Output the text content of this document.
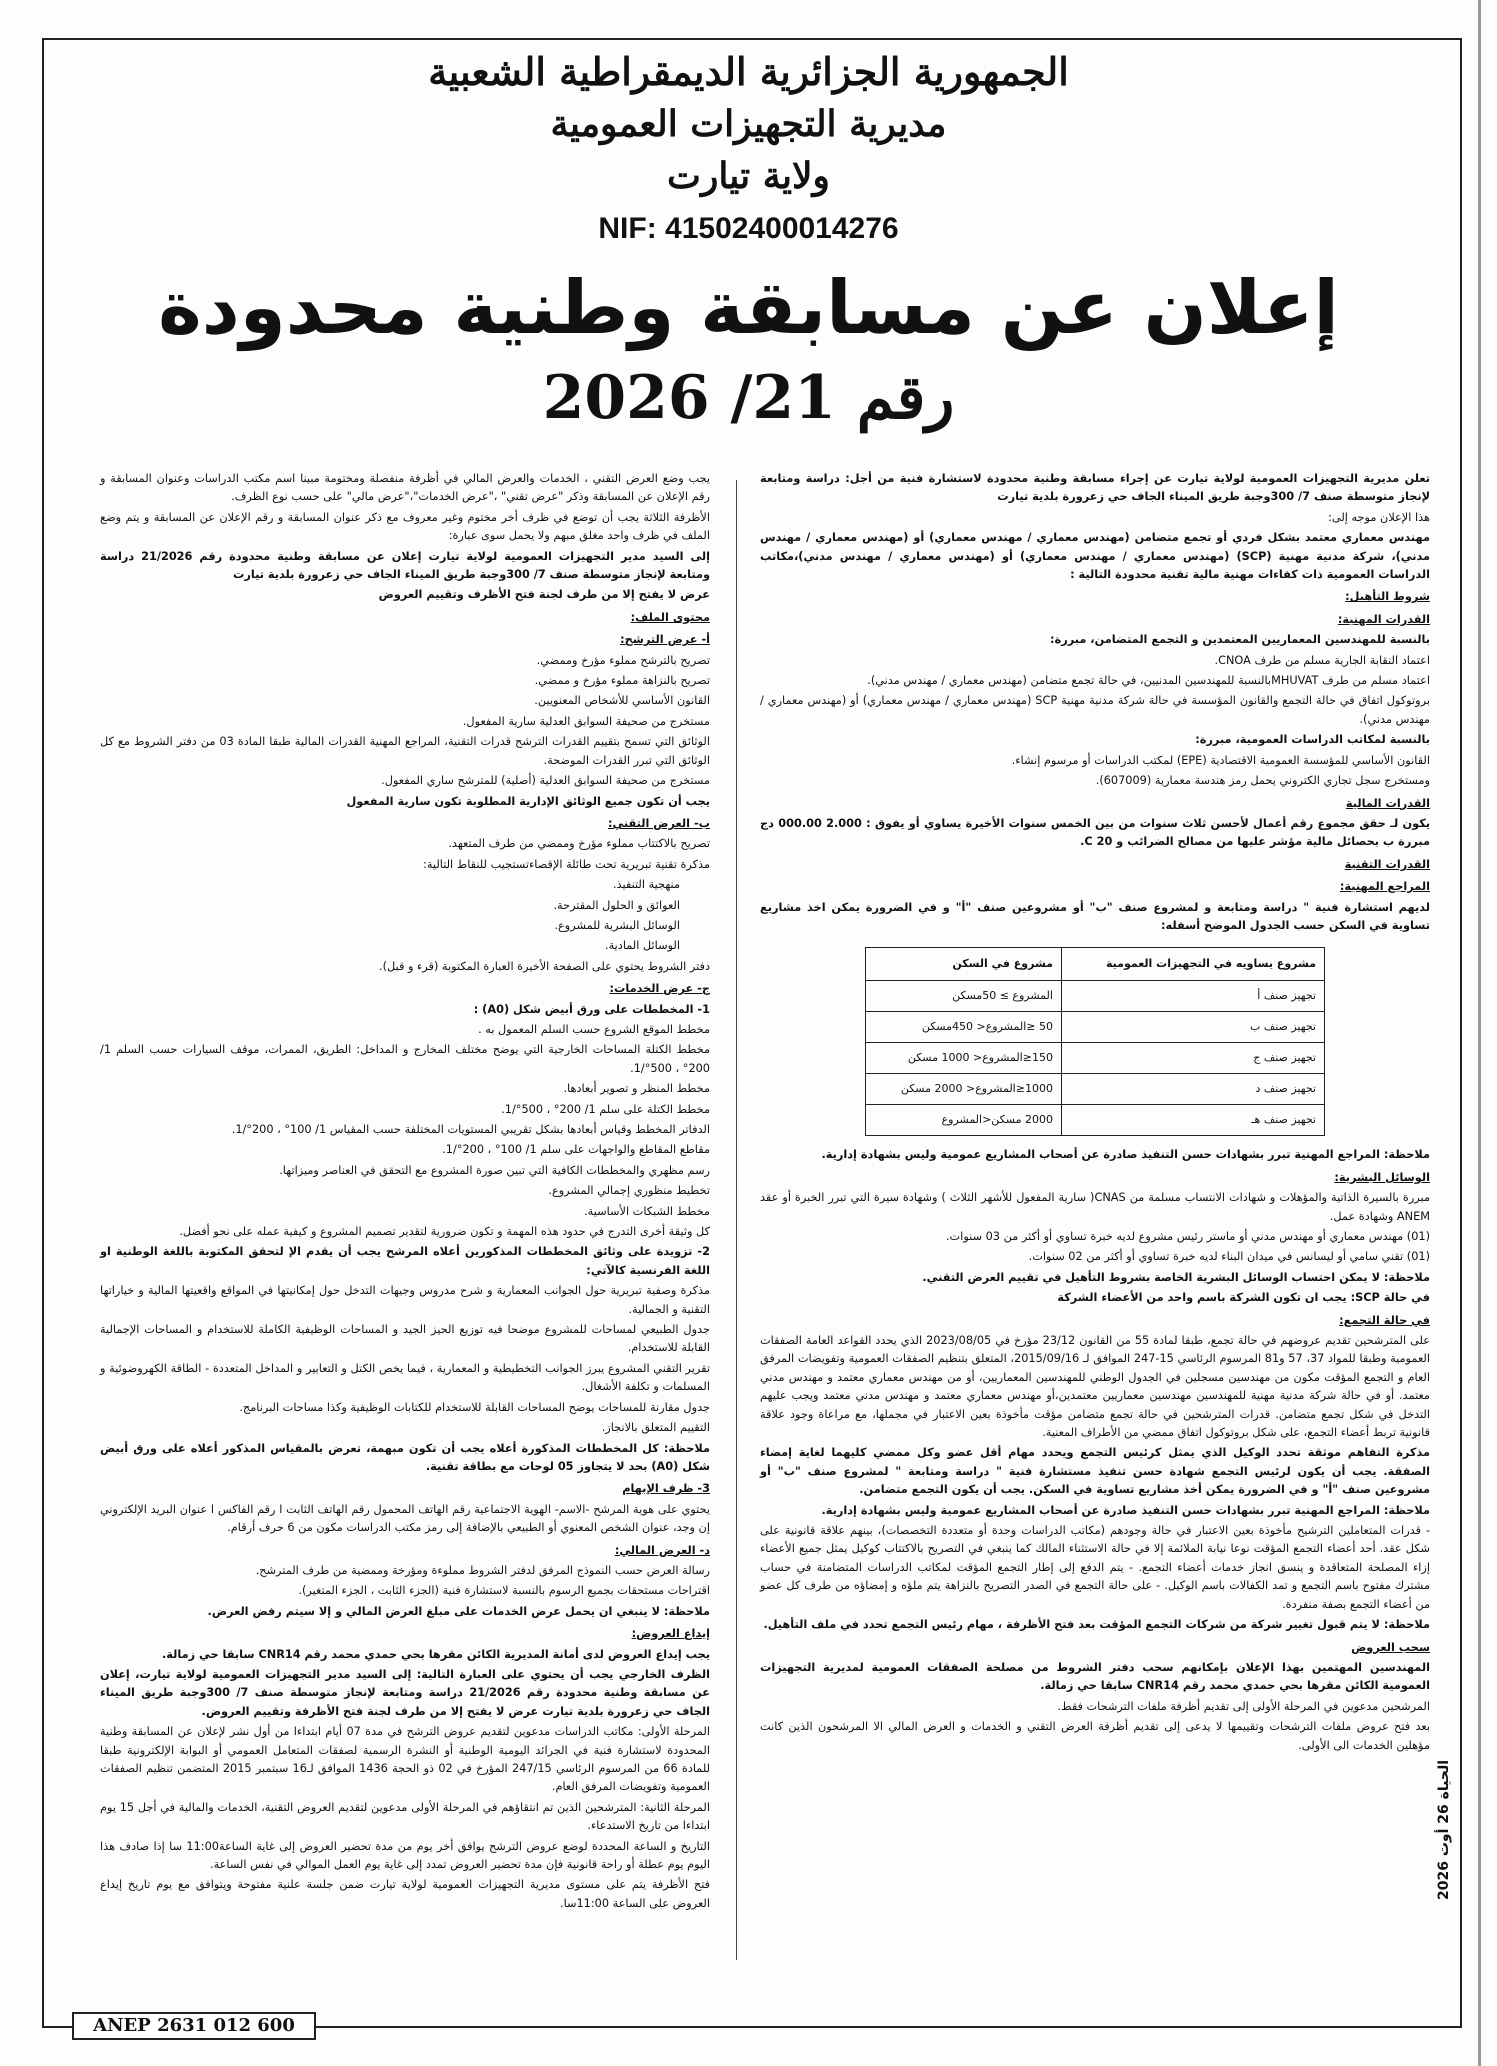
الجمهورية الجزائرية الديمقراطية الشعبية
مديرية التجهيزات العمومية
ولاية تيارت
NIF: 41502400014276
إعلان عن مسابقة وطنية محدودة
رقم 21/ 2026

تعلن مديرية التجهيزات العمومية لولاية تيارت عن إجراء مسابقة وطنية محدودة لاستشارة فنية من أجل: دراسة ومتابعة لإنجاز متوسطة صنف 7/ 300وجبة طريق الميناء الجاف حي زعرورة بلدية تيارت

هذا الإعلان موجه إلى:

مهندس معماري معتمد بشكل فردي أو تجمع متضامن (مهندس معماري / مهندس معماري) أو (مهندس معماري / مهندس مدني)، شركة مدنية مهنية (SCP) (مهندس معماري / مهندس معماري) أو (مهندس معماري / مهندس مدني)،مكاتب الدراسات العمومية ذات كفاءات مهنية مالية تقنية محدودة التالية :

شروط التأهيل:

القدرات المهنية:

بالنسبة للمهندسين المعماريين المعتمدين و التجمع المتضامن، مبررة:

اعتماد النقابة الجارية مسلم من طرف CNOA.

اعتماد مسلم من طرف MHUVATبالنسبة للمهندسين المدنيين، في حالة تجمع متضامن (مهندس معماري / مهندس مدني).

بروتوكول اتفاق في حالة التجمع والقانون المؤسسة في حالة شركة مدنية مهنية SCP (مهندس معماري / مهندس معماري) أو (مهندس معماري / مهندس مدني).

بالنسبة لمكاتب الدراسات العمومية، مبررة:

القانون الأساسي للمؤسسة العمومية الاقتصادية (EPE) لمكتب الدراسات أو مرسوم إنشاء.

ومستخرج سجل تجاري الكتروني يحمل رمز هندسة معمارية (607009).

القدرات المالية

يكون لـ حقق مجموع رقم أعمال لأحسن ثلاث سنوات من بين الخمس سنوات الأخيرة يساوي أو يفوق : 2.000 000.00 دج مبررة ب بحصائل مالية مؤشر عليها من مصالح الضرائب و C 20.

القدرات التقنية

المراجع المهنية:

لديهم استشارة فنية " دراسة ومتابعة و لمشروع صنف "ب" أو مشروعين صنف "أ" و في الضرورة يمكن اخذ مشاريع تساوية في السكن حسب الجدول الموضح أسفله:

مشروع يساويه في التجهيزات العمومية	مشروع في السكن
تجهيز صنف أ	المشروع ≥ 50مسكن
تجهيز صنف ب	50 ≤المشروع< 450مسكن
تجهيز صنف ج	150≤المشروع< 1000 مسكن
تجهيز صنف د	1000≤المشروع< 2000 مسكن
تجهيز صنف هـ	2000 مسكن<المشروع

ملاحظة: المراجع المهنية تبرر بشهادات حسن التنفيذ صادرة عن أصحاب المشاريع عمومية وليس بشهادة إدارية.

الوسائل البشرية:

مبررة بالسيرة الذاتية والمؤهلات و شهادات الانتساب مسلمة من CNAS( سارية المفعول للأشهر الثلاث ) وشهادة سيرة التي تبرر الخبرة أو عقد ANEM وشهادة عمل.

(01) مهندس معماري أو مهندس مدني أو ماستر رئيس مشروع لديه خبرة تساوي أو أكثر من 03 سنوات.

(01) تقني سامي أو ليسانس في ميدان البناء لديه خبرة تساوي أو أكثر من 02 سنوات.

ملاحظة: لا يمكن احتساب الوسائل البشرية الخاصة بشروط التأهيل في تقييم العرض التقني.

في حالة SCP: يجب ان تكون الشركة باسم واحد من الأعضاء الشركة

في حالة التجمع:

على المترشحين تقديم عروضهم في حالة تجمع، طبقا لمادة 55 من القانون 23/12 مؤرخ في 2023/08/05 الذي يحدد القواعد العامة الصفقات العمومية وطبقا للمواد 37، 57 و81 المرسوم الرئاسي 15-247 الموافق لـ 2015/09/16، المتعلق بتنظيم الصفقات العمومية وتفويضات المرفق العام و التجمع المؤقت مكون من مهندسين مسجلين في الجدول الوطني للمهندسين المعماريين، أو من مهندس معماري معتمد و مهندس مدني معتمد. أو في حالة شركة مدنية مهنية للمهندسين مهندسين معماريين معتمدين،أو مهندس معماري معتمد و مهندس مدني معتمد ويجب عليهم التدخل في شكل تجمع متضامن. قدرات المترشحين في حالة تجمع متضامن مؤقت مأخوذة بعين الاعتبار في مجملها، مع مراعاة وجود علاقة قانونية تربط أعضاء التجمع، على شكل بروتوكول اتفاق ممضي من الأطراف المعنية.

مذكرة التفاهم موثقة تحدد الوكيل الذي يمثل كرئيس التجمع ويحدد مهام أقل عضو وكل ممضي كليهما لغاية إمضاء الصفقة. يجب أن يكون لرئيس التجمع شهادة حسن تنفيذ مستشارة فنية " دراسة ومتابعة " لمشروع صنف "ب" أو مشروعين صنف "أ" و في الضرورة يمكن أخذ مشاريع تساوية في السكن. يجب أن يكون التجمع متضامن.

ملاحظة: المراجع المهنية تبرر بشهادات حسن التنفيذ صادرة عن أصحاب المشاريع عمومية وليس بشهادة إدارية.

- قدرات المتعاملين الترشيح مأخوذة بعين الاعتبار في حالة وجودهم (مكاتب الدراسات وحدة أو متعددة التخصصات)، بينهم علاقة قانونية على شكل عقد. أحد أعضاء التجمع المؤقت نوعا نيابة الملائمة إلا في حالة الاستثناء المالك كما ينبغي في التصريح بالاكتتاب كوكيل يمثل جميع الأعضاء إزاء المصلحة المتعاقدة و ينسق انجاز خدمات أعضاء التجمع. - يتم الدفع إلى إطار التجمع المؤقت لمكاتب الدراسات المتضامنة في حساب مشترك مفتوح باسم التجمع و تمد الكفالات باسم الوكيل. - على حالة التجمع في الصدر التصريح بالنزاهة يتم ملؤه و إمضاؤه من طرف كل عضو من أعضاء التجمع بصفة منفردة.

ملاحظة: لا يتم قبول تغيير شركة من شركات التجمع المؤقت بعد فتح الأظرفة ، مهام رئيس التجمع تحدد في ملف التأهيل.

سحب العروض

المهندسين المهتمين بهذا الإعلان بإمكانهم سحب دفتر الشروط من مصلحة الصفقات العمومية لمديرية التجهيزات العمومية الكائن مقرها بحي حمدي محمد رقم CNR14 سابقا حي زمالة.

المرشحين مدعوين في المرحلة الأولى إلى تقديم أظرفة ملفات الترشحات فقط.

بعد فتح عروض ملفات الترشحات وتقييمها لا يدعى إلى تقديم أظرفة العرض التقني و الخدمات و العرض المالي الا المرشحون الذين كانت مؤهلين الخدمات الى الأولى.

يجب وضع العرض التقني ، الخدمات والعرض المالي في أظرفة منفصلة ومختومة مبينا اسم مكتب الدراسات وعنوان المسابقة و رقم الإعلان عن المسابقة وذكر "عرض تقني" ،"عرض الخدمات"،"عرض مالي" على حسب نوع الظرف.

الأظرفة الثلاثة يجب أن توضع في ظرف أخر مختوم وغير معروف مع ذكر عنوان المسابقة و رقم الإعلان عن المسابقة و يتم وضع الملف في ظرف واحد مغلق مبهم ولا يحمل سوى عبارة:

إلى السيد مدير التجهيزات العمومية لولاية تيارت إعلان عن مسابقة وطنية محدودة رقم 21/2026 دراسة ومتابعة لإنجاز متوسطة صنف 7/ 300وجبة طريق الميناء الجاف حي زعرورة بلدية تيارت

عرض لا يفتح إلا من طرف لجنة فتح الأظرف وتقييم العروض

محتوى الملف:

أ- عرض الترشح:

تصريح بالترشح مملوء مؤرخ وممضي.

تصريح بالنزاهة مملوء مؤرخ و ممضي.

القانون الأساسي للأشخاص المعنويين.

مستخرج من صحيفة السوابق العدلية سارية المفعول.

الوثائق التي تسمح بتقييم القدرات الترشح قدرات التقنية، المراجع المهنية القدرات المالية طبقا المادة 03 من دفتر الشروط مع كل الوثائق التي تبرر القدرات الموضحة.

مستخرج من صحيفة السوابق العدلية (أصلية) للمترشح ساري المفعول.

يجب أن تكون جميع الوثائق الإدارية المطلوبة تكون سارية المفعول

ب- العرض التقني:

تصريح بالاكتتاب مملوء مؤرخ وممضي من طرف المتعهد.

مذكرة تقنية تبريرية تحت طائلة الإقصاءتستجيب للنقاط التالية:

منهجية التنفيذ.

العوائق و الحلول المقترحة.

الوسائل البشرية للمشروع.

الوسائل المادية.

دفتر الشروط يحتوي على الصفحة الأخيرة العبارة المكتوبة (قرء و قبل).

ج- عرض الخدمات:

1- المخططات على ورق أبيض شكل (A0) :

مخطط الموقع الشروع حسب السلم المعمول به .

مخطط الكتلة المساحات الخارجية التي يوضح مختلف المخارج و المداخل: الطريق، الممرات، موقف السيارات حسب السلم 1/ 200° ، 500°/1.

مخطط المنظر و تصوير أبعادها.

مخطط الكتلة على سلم 1/ 200° ، 500°/1.

الدفاتر المخطط وقياس أبعادها بشكل تقريبي المستويات المختلفة حسب المقياس 1/ 100° ، 200°/1.

مقاطع المقاطع والواجهات على سلم 1/ 100° ، 200°/1.

رسم مظهري والمخططات الكافية التي تبين صورة المشروع مع التحقق في العناصر وميزاتها.

تخطيط منظوري إجمالي المشروع.

مخطط الشبكات الأساسية.

كل وثيقة أخرى التدرج في حدود هذه المهمة و تكون ضرورية لتقدير تصميم المشروع و كيفية عمله على نحو أفضل.

2- تزويدة على وثائق المخططات المذكورين أعلاه المرشح يجب أن يقدم الإ لتحقق المكتوبة باللغة الوطنية او اللغة الفرنسية كالآتي:

مذكرة وصفية تبريرية حول الجوانب المعمارية و شرح مدروس وجيهات التدخل حول إمكانيتها في المواقع واقعيتها المالية و خياراتها التقنية و الجمالية.

جدول الطبيعي لمساحات للمشروع موضحا فيه توزيع الحيز الجيد و المساحات الوظيفية الكاملة للاستخدام و المساحات الإجمالية القابلة للاستخدام.

تقرير التقني المشروع يبرز الجوانب التخطيطية و المعمارية ، فيما يخص الكتل و التعابير و المداخل المتعددة - الطاقة الكهروضوئية و المسلمات و تكلفة الأشغال.

جدول مقارنة للمساحات يوضح المساحات القابلة للاستخدام للكتابات الوظيفية وكذا مساحات البرنامج.

التقييم المتعلق بالانجاز.

ملاحظة: كل المخططات المذكورة أعلاه يجب أن تكون مبهمة، تعرض بالمقياس المذكور أعلاه على ورق أبيض شكل (A0) بحد لا يتجاوز 05 لوحات مع بطاقة تقنية.

3- ظرف الإبهام

يحتوي على هوية المرشح -الاسم- الهوية الاجتماعية رقم الهاتف المحمول رقم الهاتف الثابت ا رقم الفاكس ا عنوان البريد الإلكتروني إن وجد، عنوان الشخص المعنوي أو الطبيعي بالإضافة إلى رمز مكتب الدراسات مكون من 6 حرف أرقام.

د- العرض المالي:

رسالة العرض حسب النموذج المرفق لدفتر الشروط مملوءة ومؤرخة وممضية من طرف المترشح.

اقتراحات مستحقات بجميع الرسوم بالنسبة لاستشارة فنية (الجزء الثابت ، الجزء المتغير).

ملاحظة: لا ينبغي ان يحمل عرض الخدمات على مبلغ العرض المالي و إلا سيتم رفض العرض.

إيداع العروض:

يجب إيداع العروض لدى أمانة المديرية الكائن مقرها بحي حمدي محمد رقم CNR14 سابقا حي زمالة.

الظرف الخارجي يجب أن يحتوي على العبارة التالية: إلى السيد مدير التجهيزات العمومية لولاية تيارت، إعلان عن مسابقة وطنية محدودة رقم 21/2026 دراسة ومتابعة لإنجاز متوسطة صنف 7/ 300وجبة طريق الميناء الجاف حي زعرورة بلدية تيارت عرض لا يفتح إلا من طرف لجنة فتح الأظرفة وتقييم العروض.

المرحلة الأولى: مكاتب الدراسات مدعوين لتقديم عروض الترشح في مدة 07 أيام ابتداءا من أول نشر لإعلان عن المسابقة وطنية المحدودة لاستشارة فنية في الجرائد اليومية الوطنية أو النشرة الرسمية لصفقات المتعامل العمومي أو البوابة الإلكترونية طبقا للمادة 66 من المرسوم الرئاسي 247/15 المؤرخ في 02 ذو الحجة 1436 الموافق لـ16 سبتمبر 2015 المتضمن تنظيم الصفقات العمومية وتفويضات المرفق العام.

المرحلة الثانية: المترشحين الذين تم انتقاؤهم في المرحلة الأولى مدعوين لتقديم العروض التقنية، الخدمات والمالية في أجل 15 يوم ابتداءا من تاريخ الاستدعاء.

التاريخ و الساعة المحددة لوضع عروض الترشح يوافق أخر يوم من مدة تحضير العروض إلى غاية الساعة11:00 سا إذا صادف هذا اليوم يوم عطلة أو راحة قانونية فإن مدة تحضير العروض تمدد إلى غاية يوم العمل الموالي في نفس الساعة.

فتح الأظرفة يتم على مستوى مديرية التجهيزات العمومية لولاية تيارت ضمن جلسة علنية مفتوحة ويتوافق مع يوم تاريخ إيداع العروض على الساعة 11:00سا.

الحياة 26 أوت 2026
ANEP 2631 012 600
